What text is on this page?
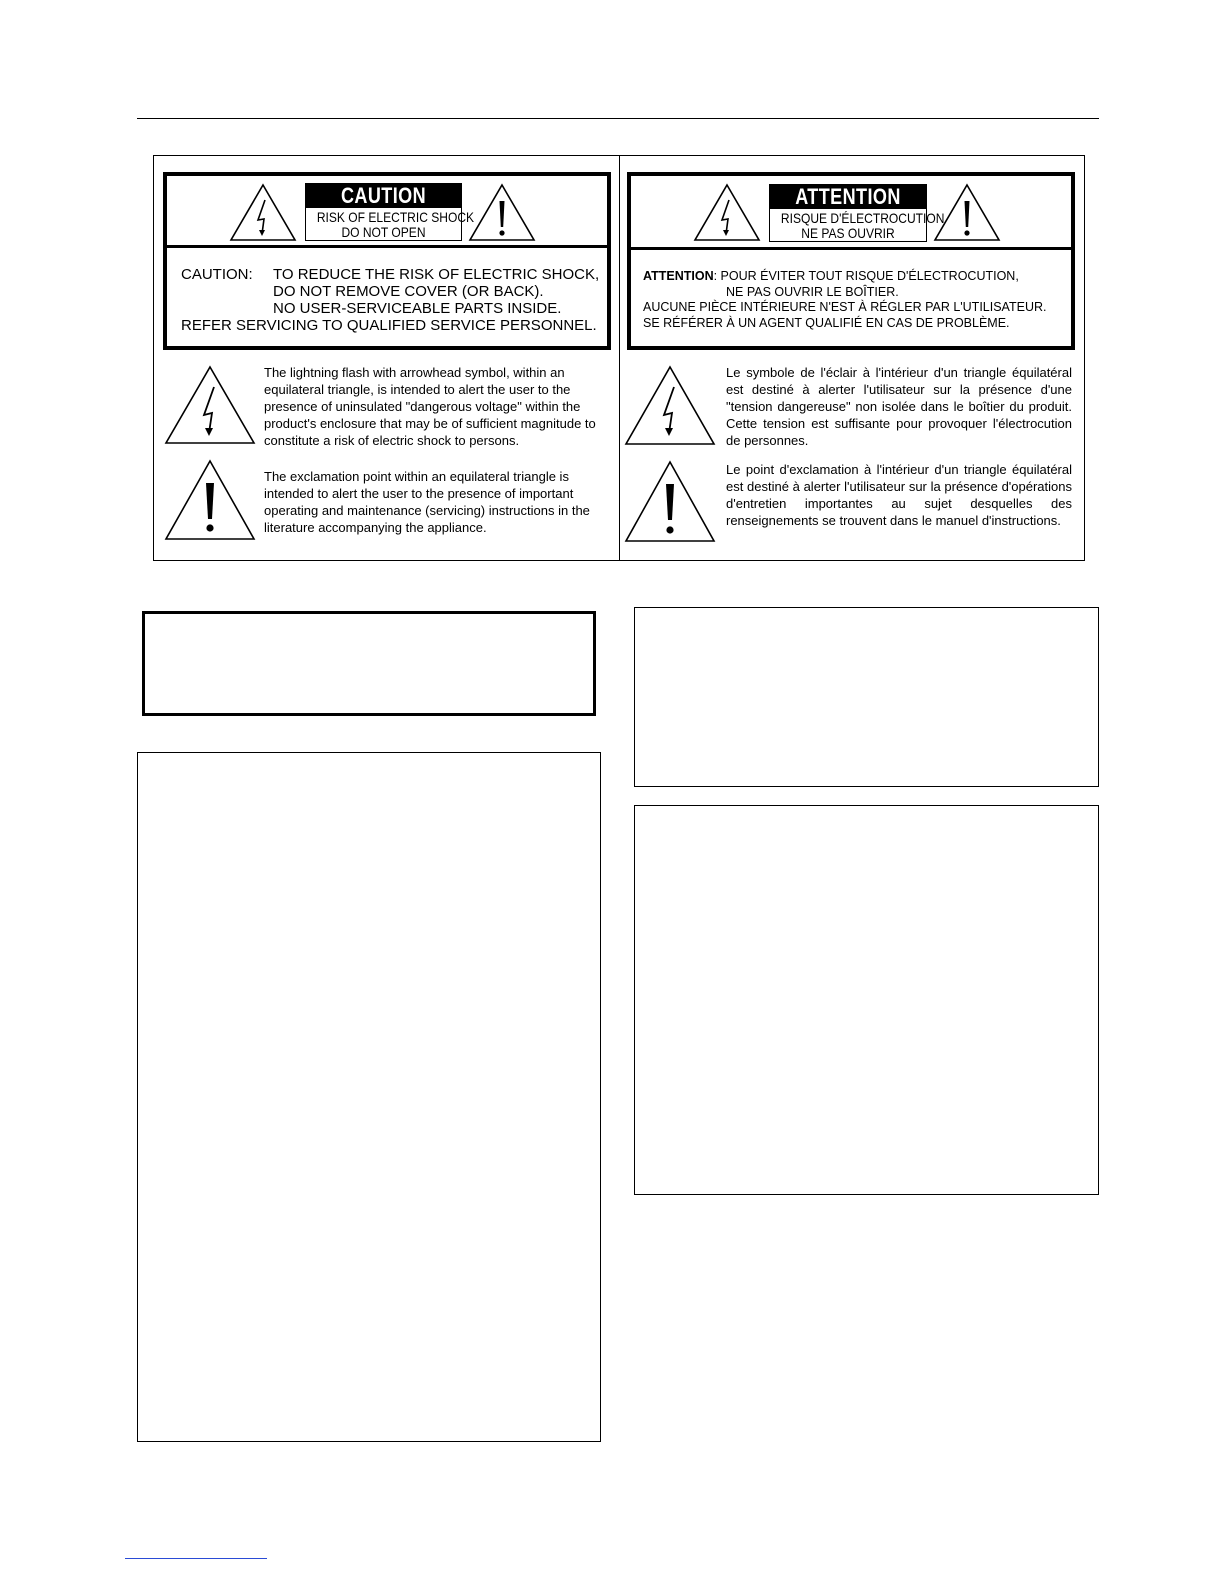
CAUTION
RISK OF ELECTRIC SHOCK
DO NOT OPEN
CAUTION: TO REDUCE THE RISK OF ELECTRIC SHOCK,
DO NOT REMOVE COVER (OR BACK).
NO USER-SERVICEABLE PARTS INSIDE.
REFER SERVICING TO QUALIFIED SERVICE PERSONNEL.
The lightning flash with arrowhead symbol, within an equilateral triangle, is intended to alert the user to the presence of uninsulated "dangerous voltage" within the product's enclosure that may be of sufficient magnitude to constitute a risk of electric shock to persons.
The exclamation point within an equilateral triangle is intended to alert the user to the presence of important operating and maintenance (servicing) instructions in the literature accompanying the appliance.
ATTENTION
RISQUE D'ÉLECTROCUTION
NE PAS OUVRIR
ATTENTION: POUR ÉVITER TOUT RISQUE D'ÉLECTROCUTION,
NE PAS OUVRIR LE BOÎTIER.
AUCUNE PIÈCE INTÉRIEURE N'EST À RÉGLER PAR L'UTILISATEUR.
SE RÉFÉRER À UN AGENT QUALIFIÉ EN CAS DE PROBLÈME.
Le symbole de l'éclair à l'intérieur d'un triangle équilatéral est destiné à alerter l'utilisateur sur la présence d'une "tension dangereuse" non isolée dans le boîtier du produit. Cette tension est suffisante pour provoquer l'électrocution de personnes.
Le point d'exclamation à l'intérieur d'un triangle équilatéral est destiné à alerter l'utilisateur sur la présence d'opérations d'entretien importantes au sujet desquelles des renseignements se trouvent dans le manuel d'instructions.
